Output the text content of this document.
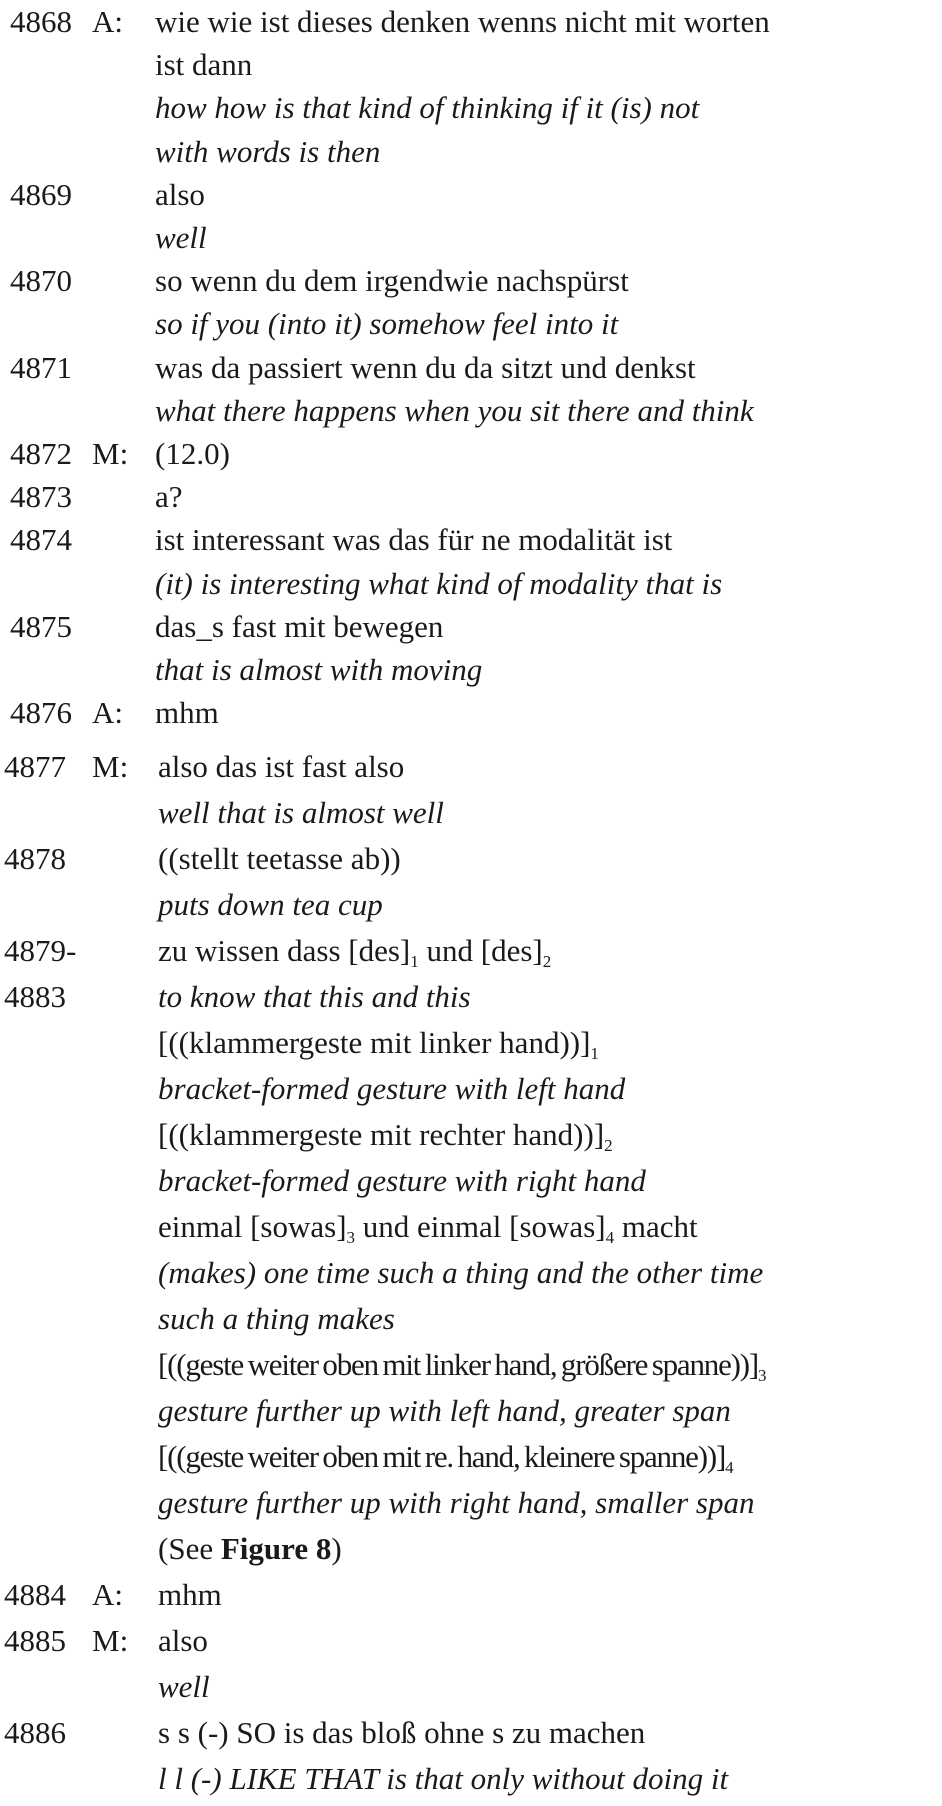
4868 A: wie wie ist dieses denken wenns nicht mit worten
ist dann
how how is that kind of thinking if it (is) not
with words is then
4869	also
well
4870	so wenn du dem irgendwie nachspürst
so if you (into it) somehow feel into it
4871	was da passiert wenn du da sitzt und denkst
what there happens when you sit there and think
4872 M: (12.0)
4873	a?
4874	ist interessant was das für ne modalität ist
(it) is interesting what kind of modality that is
4875	das_s fast mit bewegen
that is almost with moving
4876 A: mhm
4877 M: also das ist fast also
well that is almost well
4878	((stellt teetasse ab))
puts down tea cup
4879-	zu wissen dass $[des]_1$ und $[des]_2$
4883	to know that this and this
[((klammergeste mit linker $hand))]_1$
bracket-formed gesture with left hand
[((klammergeste mit rechter $hand))]_2$
bracket-formed gesture with right hand
einmal $[sowas]_3$ und einmal $[sowas]_4$ macht
(makes) one time such a thing and the other time
such a thing makes
[((geste weiter oben mit linker hand, größere $spanne))]_3$
gesture further up with left hand, greater span
[((geste weiter oben mit re. hand, kleinere $spanne))]_4$
gesture further up with right hand, smaller span
(See Figure 8)
4884 A: mhm
4885 M: also
well
4886	s s (-) SO is das bloß ohne s zu machen
l l (-) LIKE THAT is that only without doing it
